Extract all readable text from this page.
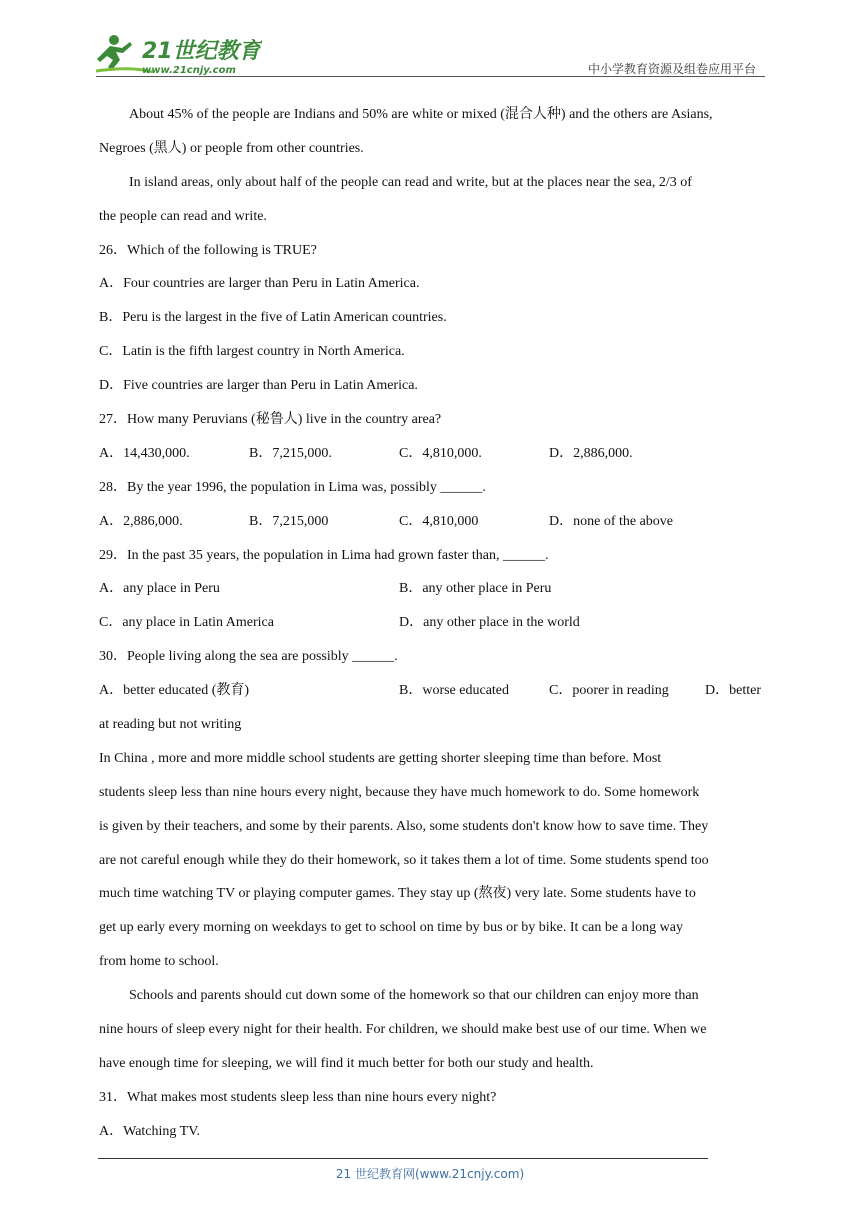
21世纪教育
www.21cnjy.com	中小学教育资源及组卷应用平台
About 45% of the people are Indians and 50% are white or mixed (混合人种) and the others are Asians,
Negroes (黑人) or people from other countries.
In island areas, only about half of the people can read and write, but at the places near the sea, 2/3 of
the people can read and write.
26．Which of the following is TRUE?
A．Four countries are larger than Peru in Latin America.
B．Peru is the largest in the five of Latin American countries.
C．Latin is the fifth largest country in North America.
D．Five countries are larger than Peru in Latin America.
27．How many Peruvians (秘鲁人) live in the country area?
A．14,430,000.	B．7,215,000.	C．4,810,000.	D．2,886,000.
28．By the year 1996, the population in Lima was, possibly ______.
A．2,886,000.	B．7,215,000	C．4,810,000	D．none of the above
29．In the past 35 years, the population in Lima had grown faster than, ______.
A．any place in Peru	B．any other place in Peru
C．any place in Latin America	D．any other place in the world
30．People living along the sea are possibly ______.
A．better educated (教育)	B．worse educated	C．poorer in reading	D．better
at reading but not writing
In China , more and more middle school students are getting shorter sleeping time than before. Most
students sleep less than nine hours every night, because they have much homework to do. Some homework
is given by their teachers, and some by their parents. Also, some students don't know how to save time. They
are not careful enough while they do their homework, so it takes them a lot of time. Some students spend too
much time watching TV or playing computer games. They stay up (熬夜) very late. Some students have to
get up early every morning on weekdays to get to school on time by bus or by bike. It can be a long way
from home to school.
Schools and parents should cut down some of the homework so that our children can enjoy more than
nine hours of sleep every night for their health. For children, we should make best use of our time. When we
have enough time for sleeping, we will find it much better for both our study and health.
31．What makes most students sleep less than nine hours every night?
A．Watching TV.
21 世纪教育网(www.21cnjy.com)
